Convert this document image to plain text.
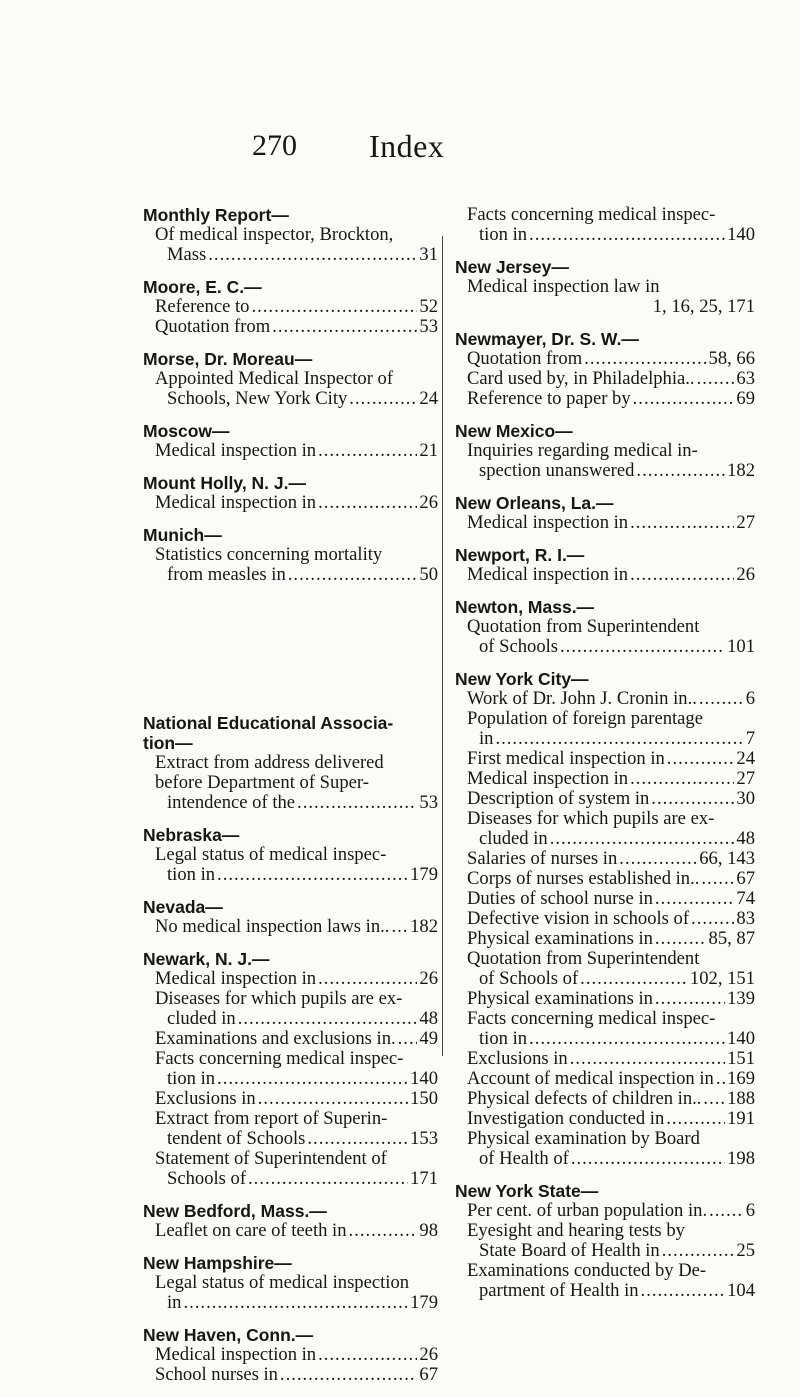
270 Index
Monthly Report—
Of medical inspector, Brockton,
Mass .....	31
Moore, E. C.—
Reference to .....	52
Quotation from .....	53
Morse, Dr. Moreau—
Appointed Medical Inspector of
Schools, New York City .....	24
Moscow—
Medical inspection in .....	21
Mount Holly, N. J.—
Medical inspection in .....	26
Munich—
Statistics concerning mortality
from measles in .....	50
National Educational Associa-
tion—
Extract from address delivered
before Department of Super-
intendence of the .....	53
Nebraska—
Legal status of medical inspec-
tion in .....	179
Nevada—
No medical inspection laws in.. ..... 182
Newark, N. J.—
Medical inspection in .....	26
Diseases for which pupils are ex-
cluded in .....	48
Examinations and exclusions in. ..... 49
Facts concerning medical inspec-
tion in .....	140
Exclusions in .....	150
Extract from report of Superin-
tendent of Schools .....	153
Statement of Superintendent of
Schools of .....	171
New Bedford, Mass.—
Leaflet on care of teeth in .....	98
New Hampshire—
Legal status of medical inspection
in .....	179
New Haven, Conn.—
Medical inspection in .....	26
School nurses in .....	67
Facts concerning medical inspec-
tion in .....	140
New Jersey—
Medical inspection law in
1, 16, 25, 171
Newmayer, Dr. S. W.—
Quotation from .....	58, 66
Card used by, in Philadelphia.. ..... 63
Reference to paper by .....	69
New Mexico—
Inquiries regarding medical in-
spection unanswered .....	182
New Orleans, La.—
Medical inspection in .....	27
Newport, R. I.—
Medical inspection in .....	26
Newton, Mass.—
Quotation from Superintendent
of Schools .....	101
New York City—
Work of Dr. John J. Cronin in.. .....	6
Population of foreign parentage
in .....	7
First medical inspection in .....	24
Medical inspection in .....	27
Description of system in .....	30
Diseases for which pupils are ex-
cluded in .....	48
Salaries of nurses in .....	66, 143
Corps of nurses established in.. ..... 67
Duties of school nurse in .....	74
Defective vision in schools of .....	83
Physical examinations in .....	85, 87
Quotation from Superintendent
of Schools of .....	102, 151
Physical examinations in .....	139
Facts concerning medical inspec-
tion in .....	140
Exclusions in .....	151
Account of medical inspection in ..... 169
Physical defects of children in.. ..... 188
Investigation conducted in .....	191
Physical examination by Board
of Health of .....	198
New York State—
Per cent. of urban population in. ..... 6
Eyesight and hearing tests by
State Board of Health in .....	25
Examinations conducted by De-
partment of Health in .....	104
